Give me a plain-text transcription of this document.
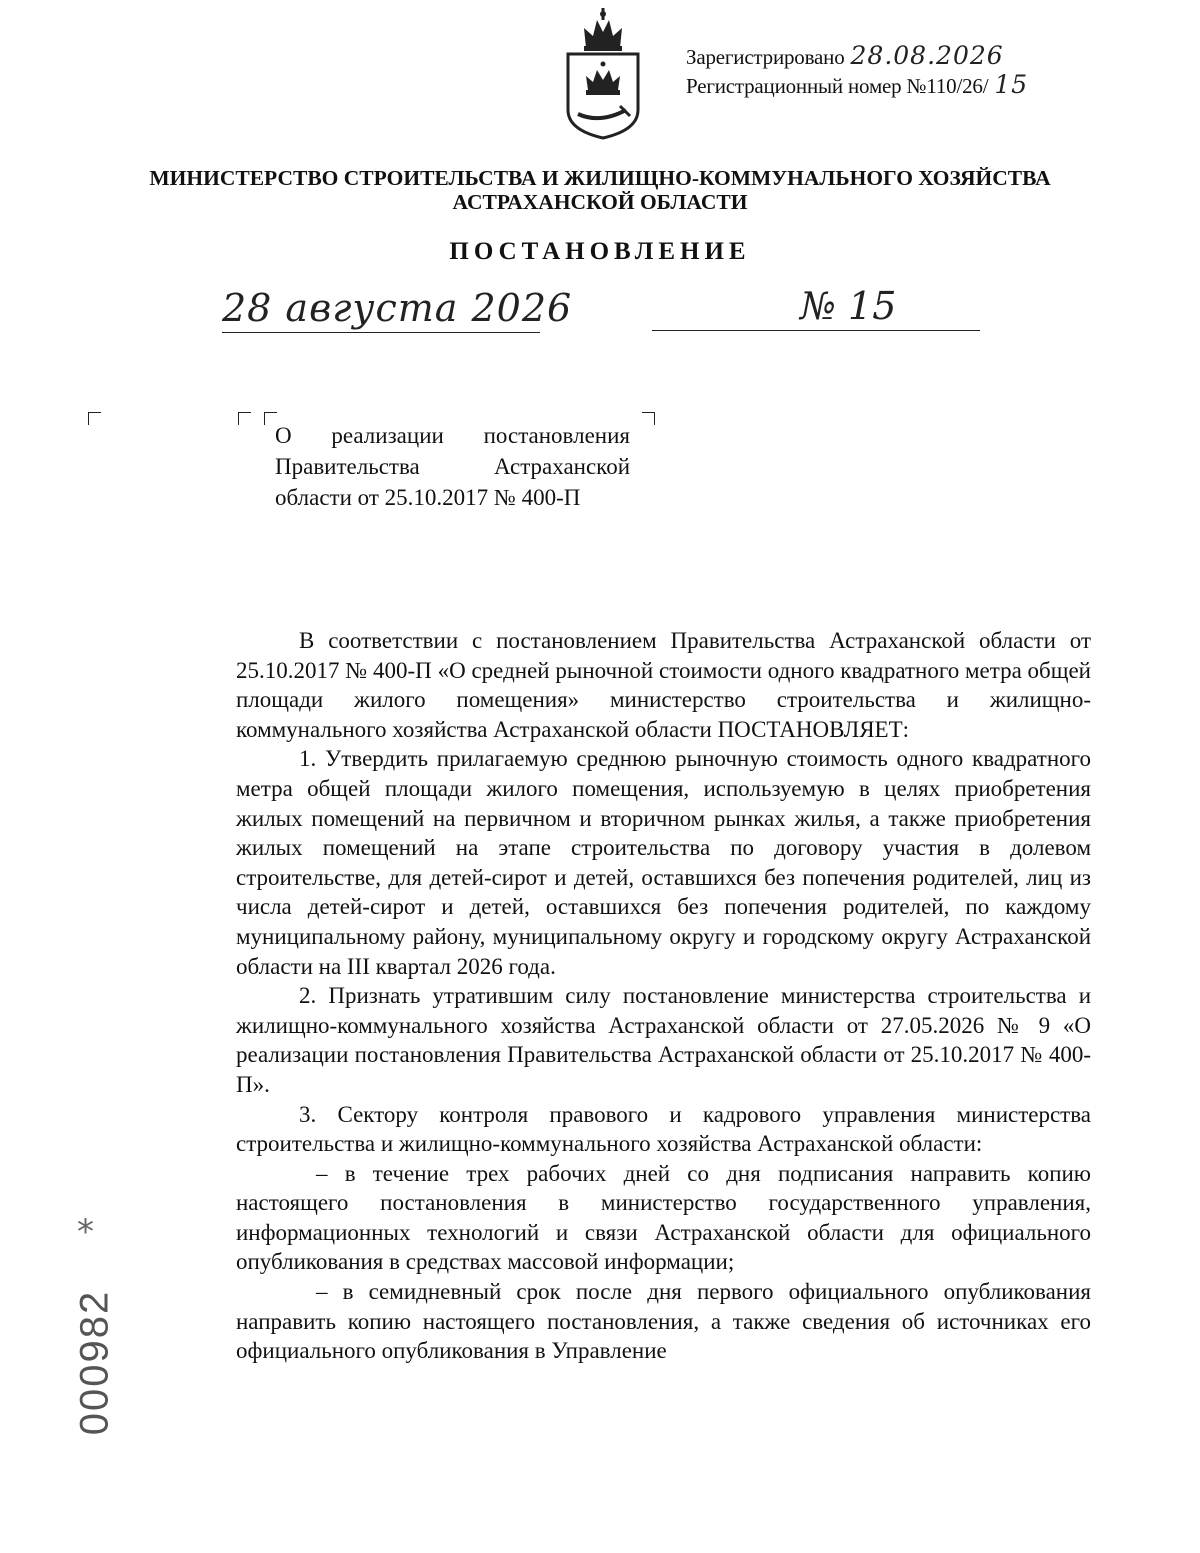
Зарегистрировано 28.08.2026
Регистрационный номер №110/26/ 15
МИНИСТЕРСТВО СТРОИТЕЛЬСТВА И ЖИЛИЩНО-КОММУНАЛЬНОГО ХОЗЯЙСТВА
АСТРАХАНСКОЙ ОБЛАСТИ
ПОСТАНОВЛЕНИЕ
28 августа 2026	№ 15
О реализации постановления
Правительства Астраханской
области от 25.10.2017 № 400-П

В соответствии с постановлением Правительства Астраханской области от 25.10.2017 № 400-П «О средней рыночной стоимости одного квадратного метра общей площади жилого помещения» министерство строительства и жилищно-коммунального хозяйства Астраханской области ПОСТАНОВЛЯЕТ:

1. Утвердить прилагаемую среднюю рыночную стоимость одного квадратного метра общей площади жилого помещения, используемую в целях приобретения жилых помещений на первичном и вторичном рынках жилья, а также приобретения жилых помещений на этапе строительства по договору участия в долевом строительстве, для детей-сирот и детей, оставшихся без попечения родителей, лиц из числа детей-сирот и детей, оставшихся без попечения родителей, по каждому муниципальному району, муниципальному округу и городскому округу Астраханской области на III квартал 2026 года.

2. Признать утратившим силу постановление министерства строительства и жилищно-коммунального хозяйства Астраханской области от 27.05.2026 № 9 «О реализации постановления Правительства Астраханской области от 25.10.2017 № 400-П».

3. Сектору контроля правового и кадрового управления министерства строительства и жилищно-коммунального хозяйства Астраханской области:

– в течение трех рабочих дней со дня подписания направить копию настоящего постановления в министерство государственного управления, информационных технологий и связи Астраханской области для официального опубликования в средствах массовой информации;

– в семидневный срок после дня первого официального опубликования направить копию настоящего постановления, а также сведения об источниках его официального опубликования в Управление

*
000982
